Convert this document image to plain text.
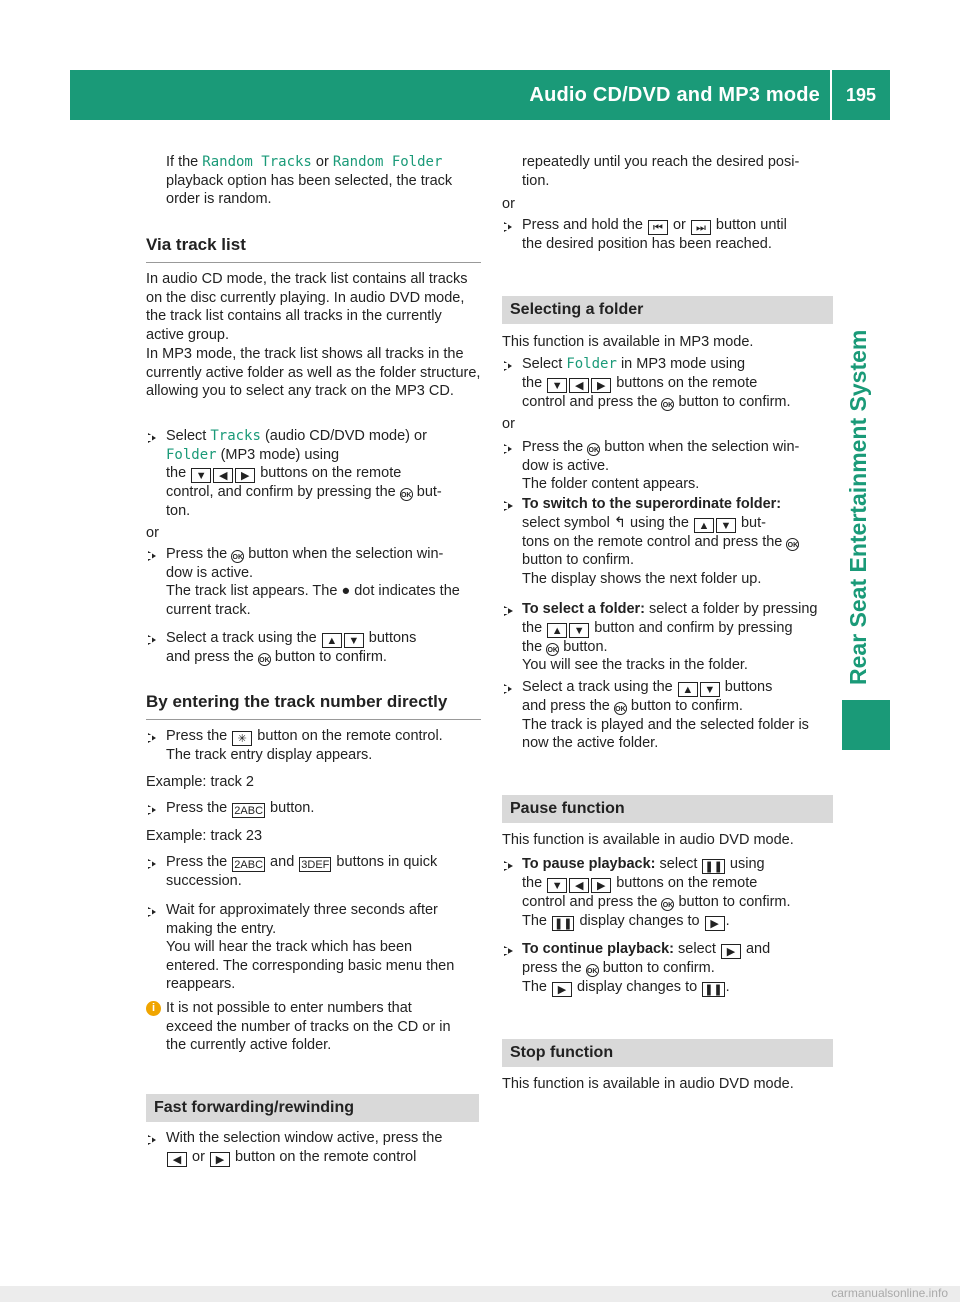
Audio CD/DVD and MP3 mode 195
Rear Seat Entertainment System

If the Random Tracks or Random Folder
playback option has been selected, the track order is random.

Via track list

In audio CD mode, the track list contains all tracks on the disc currently playing. In audio DVD mode, the track list contains all tracks in the currently active group.

In MP3 mode, the track list shows all tracks in the currently active folder as well as the folder structure, allowing you to select any track on the MP3 CD.

Select Tracks (audio CD/DVD mode) or
Folder (MP3 mode) using
the ▼ ◀ ▶ buttons on the remote
control, and confirm by pressing the OK but-
ton.

or

Press the OK button when the selection win-
dow is active.
The track list appears. The ● dot indicates the
current track.

Select a track using the ▲ ▼ buttons
and press the OK button to confirm.

By entering the track number directly

Press the ✳ button on the remote control.
The track entry display appears.

Example: track 2

Press the 2ABC button.

Example: track 23

Press the 2ABC and 3DEF buttons in quick
succession.

Wait for approximately three seconds after
making the entry.
You will hear the track which has been
entered. The corresponding basic menu then
reappears.

i It is not possible to enter numbers that
exceed the number of tracks on the CD or in
the currently active folder.

Fast forwarding/rewinding

With the selection window active, press the
◀ or ▶ button on the remote control

repeatedly until you reach the desired posi-
tion.

or

Press and hold the ⏮ or ⏭ button until
the desired position has been reached.

Selecting a folder

This function is available in MP3 mode.

Select Folder in MP3 mode using
the ▼ ◀ ▶ buttons on the remote
control and press the OK button to confirm.

or

Press the OK button when the selection win-
dow is active.
The folder content appears.

To switch to the superordinate folder:
select symbol ↰ using the ▲ ▼ but-
tons on the remote control and press the OK
button to confirm.
The display shows the next folder up.

To select a folder: select a folder by pressing
the ▲ ▼ button and confirm by pressing
the OK button.
You will see the tracks in the folder.

Select a track using the ▲ ▼ buttons
and press the OK button to confirm.
The track is played and the selected folder is
now the active folder.

Pause function

This function is available in audio DVD mode.

To pause playback: select ❚❚ using
the ▼ ◀ ▶ buttons on the remote
control and press the OK button to confirm.
The ❚❚ display changes to ▶ .

To continue playback: select ▶ and
press the OK button to confirm.
The ▶ display changes to ❚❚ .

Stop function

This function is available in audio DVD mode.

carmanualsonline.info
